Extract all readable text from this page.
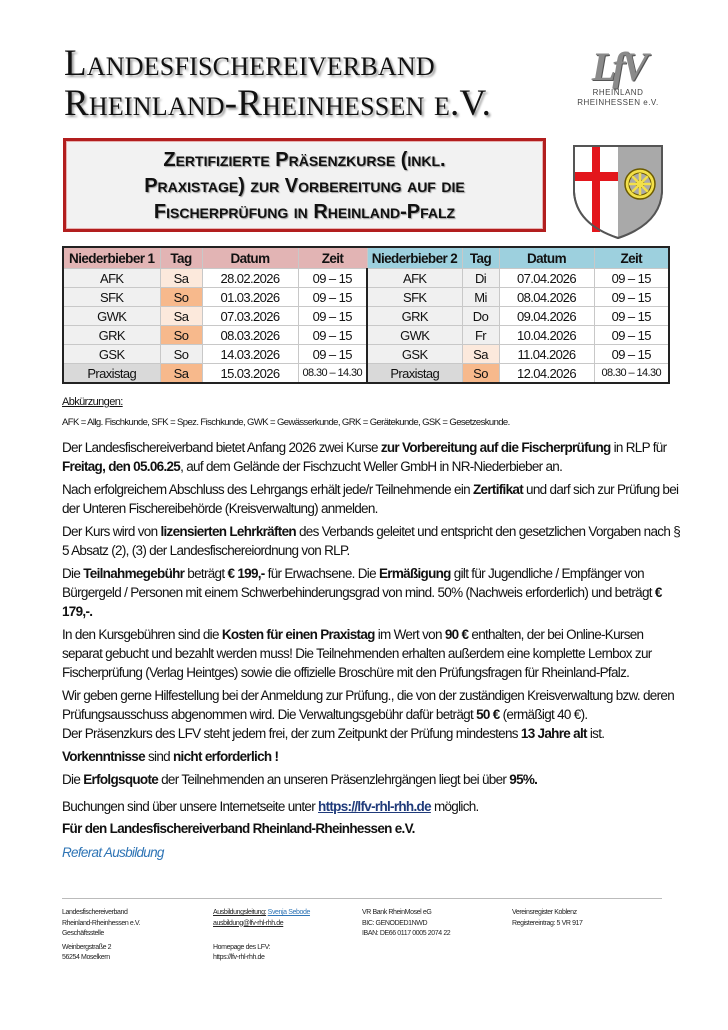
Landesfischereiverband
Rheinland-Rheinhessen e.V.
LfV
RHEINLAND
RHEINHESSEN e.V.
Zertifizierte Präsenzkurse (inkl.
Praxistage) zur Vorbereitung auf die
Fischerprüfung in Rheinland-Pfalz
Niederbieber 1	Tag	Datum	Zeit	Niederbieber 2	Tag	Datum	Zeit
AFK	Sa	28.02.2026	09 – 15	AFK	Di	07.04.2026	09 – 15
SFK	So	01.03.2026	09 – 15	SFK	Mi	08.04.2026	09 – 15
GWK	Sa	07.03.2026	09 – 15	GRK	Do	09.04.2026	09 – 15
GRK	So	08.03.2026	09 – 15	GWK	Fr	10.04.2026	09 – 15
GSK	So	14.03.2026	09 – 15	GSK	Sa	11.04.2026	09 – 15
Praxistag	Sa	15.03.2026	08.30 – 14.30	Praxistag	So	12.04.2026	08.30 – 14.30
Abkürzungen:
AFK = Allg. Fischkunde, SFK = Spez. Fischkunde, GWK = Gewässerkunde, GRK = Gerätekunde, GSK = Gesetzeskunde.

Der Landesfischereiverband bietet Anfang 2026 zwei Kurse zur Vorbereitung auf die Fischerprüfung in RLP für Freitag, den 05.06.25, auf dem Gelände der Fischzucht Weller GmbH in NR-Niederbieber an.

Nach erfolgreichem Abschluss des Lehrgangs erhält jede/r Teilnehmende ein Zertifikat und darf sich zur Prüfung bei der Unteren Fischereibehörde (Kreisverwaltung) anmelden.

Der Kurs wird von lizensierten Lehrkräften des Verbands geleitet und entspricht den gesetzlichen Vorgaben nach § 5 Absatz (2), (3) der Landesfischereiordnung von RLP.

Die Teilnahmegebühr beträgt € 199,- für Erwachsene. Die Ermäßigung gilt für Jugendliche / Empfänger von Bürgergeld / Personen mit einem Schwerbehinderungsgrad von mind. 50% (Nachweis erforderlich) und beträgt € 179,-.

In den Kursgebühren sind die Kosten für einen Praxistag im Wert von 90 € enthalten, der bei Online-Kursen separat gebucht und bezahlt werden muss! Die Teilnehmenden erhalten außerdem eine komplette Lernbox zur Fischerprüfung (Verlag Heintges) sowie die offizielle Broschüre mit den Prüfungsfragen für Rheinland-Pfalz.

Wir geben gerne Hilfestellung bei der Anmeldung zur Prüfung., die von der zuständigen Kreisverwaltung bzw. deren Prüfungsausschuss abgenommen wird. Die Verwaltungsgebühr dafür beträgt 50 € (ermäßigt 40 €).

Der Präsenzkurs des LFV steht jedem frei, der zum Zeitpunkt der Prüfung mindestens 13 Jahre alt ist.

Vorkenntnisse sind nicht erforderlich !

Die Erfolgsquote der Teilnehmenden an unseren Präsenzlehrgängen liegt bei über 95%.

Buchungen sind über unsere Internetseite unter https://lfv-rhl-rhh.de möglich.

Für den Landesfischereiverband Rheinland-Rheinhessen e.V.
Referat Ausbildung
Landesfischereiverband
Rheinland-Rheinhessen e.V.
Geschäftsstelle
Weinbergstraße 2
56254 Moselkern
Ausbildungsleitung: Svenja Sebode
ausbildung@lfv-rhl-rhh.de
Homepage des LFV:
https://lfv-rhl-rhh.de
VR Bank RheinMosel eG
BIC: GENODED1NWD
IBAN: DE66 0117 0005 2074 22
Vereinsregister Koblenz
Registereintrag: 5 VR 917
